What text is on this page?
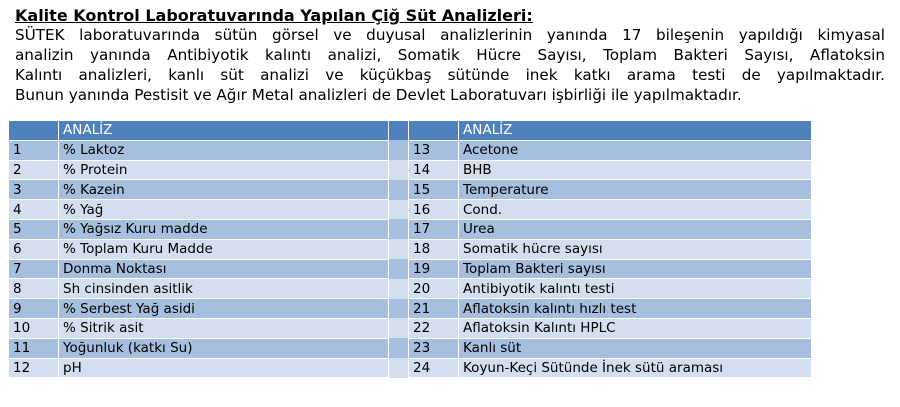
Kalite Kontrol Laboratuvarında Yapılan Çiğ Süt Analizleri:
SÜTEK laboratuvarında sütün görsel ve duyusal analizlerinin yanında 17 bileşenin yapıldığı kimyasal
analizin yanında Antibiyotik kalıntı analizi, Somatik Hücre Sayısı, Toplam Bakteri Sayısı, Aflatoksin
Kalıntı analizleri, kanlı süt analizi ve küçükbaş sütünde inek katkı arama testi de yapılmaktadır.
Bunun yanında Pestisit ve Ağır Metal analizleri de Devlet Laboratuvarı işbirliği ile yapılmaktadır.
	ANALİZ			ANALİZ
1	% Laktoz		13	Acetone
2	% Protein		14	BHB
3	% Kazein		15	Temperature
4	% Yağ		16	Cond.
5	% Yağsız Kuru madde		17	Urea
6	% Toplam Kuru Madde		18	Somatik hücre sayısı
7	Donma Noktası		19	Toplam Bakteri sayısı
8	Sh cinsinden asitlik		20	Antibiyotik kalıntı testi
9	% Serbest Yağ asidi		21	Aflatoksin kalıntı hızlı test
10	% Sitrik asit		22	Aflatoksin Kalıntı HPLC
11	Yoğunluk (katkı Su)		23	Kanlı süt
12	pH		24	Koyun-Keçi Sütünde İnek sütü araması
